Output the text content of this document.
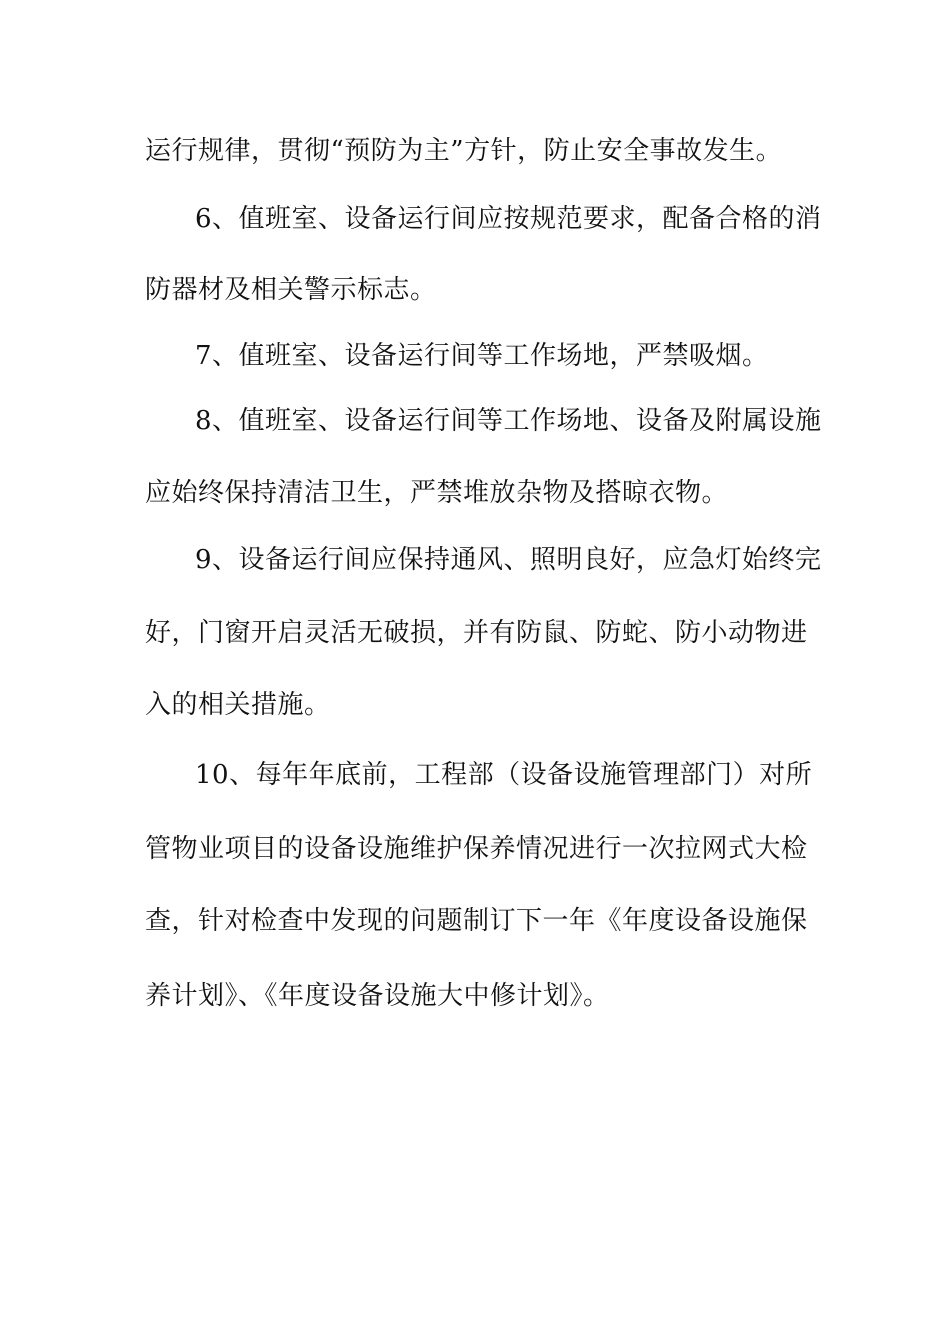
运行规律，贯彻“预防为主”方针，防止安全事故发生。

6、值班室、设备运行间应按规范要求，配备合格的消

防器材及相关警示标志。

7、值班室、设备运行间等工作场地，严禁吸烟。

8、值班室、设备运行间等工作场地、设备及附属设施

应始终保持清洁卫生，严禁堆放杂物及搭晾衣物。

9、设备运行间应保持通风、照明良好，应急灯始终完

好，门窗开启灵活无破损，并有防鼠、防蛇、防小动物进

入的相关措施。

10、每年年底前，工程部（设备设施管理部门）对所

管物业项目的设备设施维护保养情况进行一次拉网式大检

查，针对检查中发现的问题制订下一年《年度设备设施保

养计划》、《年度设备设施大中修计划》。
